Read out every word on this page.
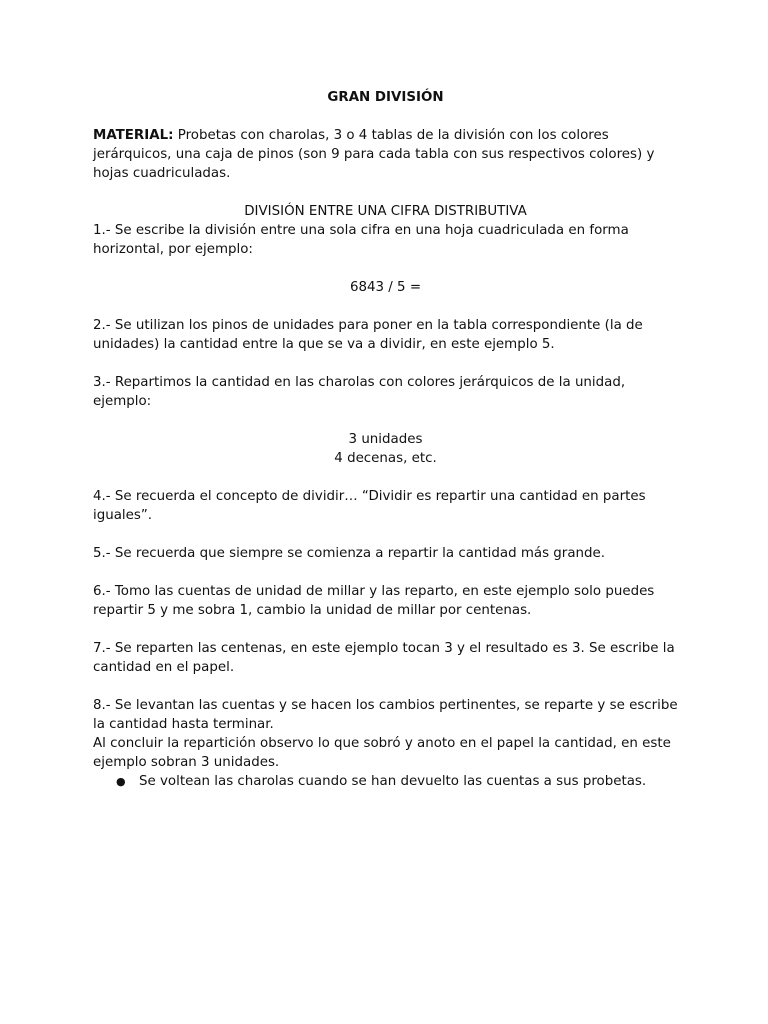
GRAN DIVISIÓN

MATERIAL: Probetas con charolas, 3 o 4 tablas de la división con los colores jerárquicos, una caja de pinos (son 9 para cada tabla con sus respectivos colores) y hojas cuadriculadas.

DIVISIÓN ENTRE UNA CIFRA DISTRIBUTIVA

1.- Se escribe la división entre una sola cifra en una hoja cuadriculada en forma horizontal, por ejemplo:

6843 / 5 =

2.- Se utilizan los pinos de unidades para poner en la tabla correspondiente (la de unidades) la cantidad entre la que se va a dividir, en este ejemplo 5.

3.- Repartimos la cantidad en las charolas con colores jerárquicos de la unidad, ejemplo:

3 unidades

4 decenas, etc.

4.- Se recuerda el concepto de dividir… “Dividir es repartir una cantidad en partes iguales”.

5.- Se recuerda que siempre se comienza a repartir la cantidad más grande.

6.- Tomo las cuentas de unidad de millar y las reparto, en este ejemplo solo puedes repartir 5 y me sobra 1, cambio la unidad de millar por centenas.

7.- Se reparten las centenas, en este ejemplo tocan 3 y el resultado es 3. Se escribe la cantidad en el papel.

8.- Se levantan las cuentas y se hacen los cambios pertinentes, se reparte y se escribe la cantidad hasta terminar.

Al concluir la repartición observo lo que sobró y anoto en el papel la cantidad, en este ejemplo sobran 3 unidades.

● Se voltean las charolas cuando se han devuelto las cuentas a sus probetas.
